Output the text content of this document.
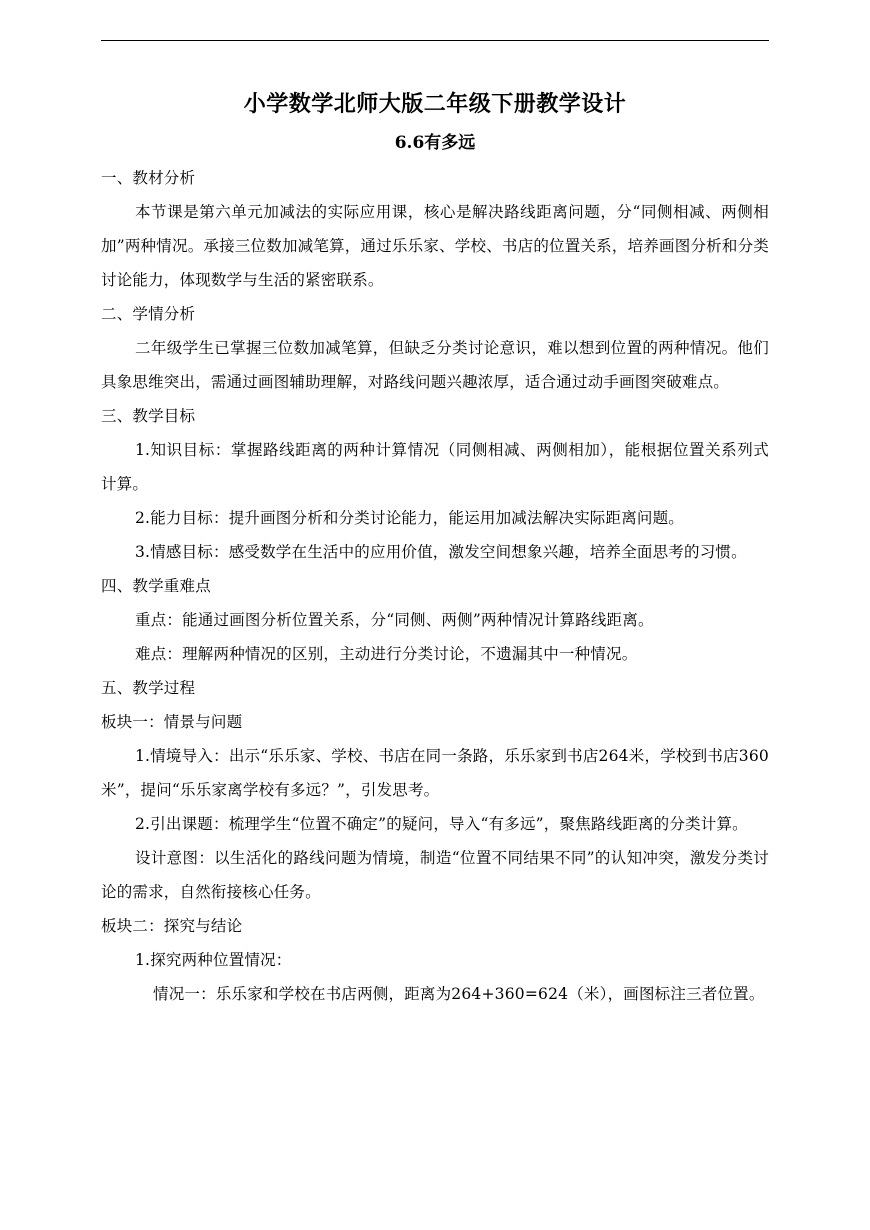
小学数学北师大版二年级下册教学设计

6.6有多远

一、教材分析

本节课是第六单元加减法的实际应用课，核心是解决路线距离问题，分“同侧相减、两侧相加”两种情况。承接三位数加减笔算，通过乐乐家、学校、书店的位置关系，培养画图分析和分类讨论能力，体现数学与生活的紧密联系。

二、学情分析

二年级学生已掌握三位数加减笔算，但缺乏分类讨论意识，难以想到位置的两种情况。他们具象思维突出，需通过画图辅助理解，对路线问题兴趣浓厚，适合通过动手画图突破难点。

三、教学目标

1.知识目标：掌握路线距离的两种计算情况（同侧相减、两侧相加），能根据位置关系列式计算。

2.能力目标：提升画图分析和分类讨论能力，能运用加减法解决实际距离问题。

3.情感目标：感受数学在生活中的应用价值，激发空间想象兴趣，培养全面思考的习惯。

四、教学重难点

重点：能通过画图分析位置关系，分“同侧、两侧”两种情况计算路线距离。

难点：理解两种情况的区别，主动进行分类讨论，不遗漏其中一种情况。

五、教学过程

板块一：情景与问题

1.情境导入：出示“乐乐家、学校、书店在同一条路，乐乐家到书店264米，学校到书店360米”，提问“乐乐家离学校有多远？”，引发思考。

2.引出课题：梳理学生“位置不确定”的疑问，导入“有多远”，聚焦路线距离的分类计算。

设计意图：以生活化的路线问题为情境，制造“位置不同结果不同”的认知冲突，激发分类讨论的需求，自然衔接核心任务。

板块二：探究与结论

1.探究两种位置情况：

情况一：乐乐家和学校在书店两侧，距离为264+360=624（米），画图标注三者位置。
